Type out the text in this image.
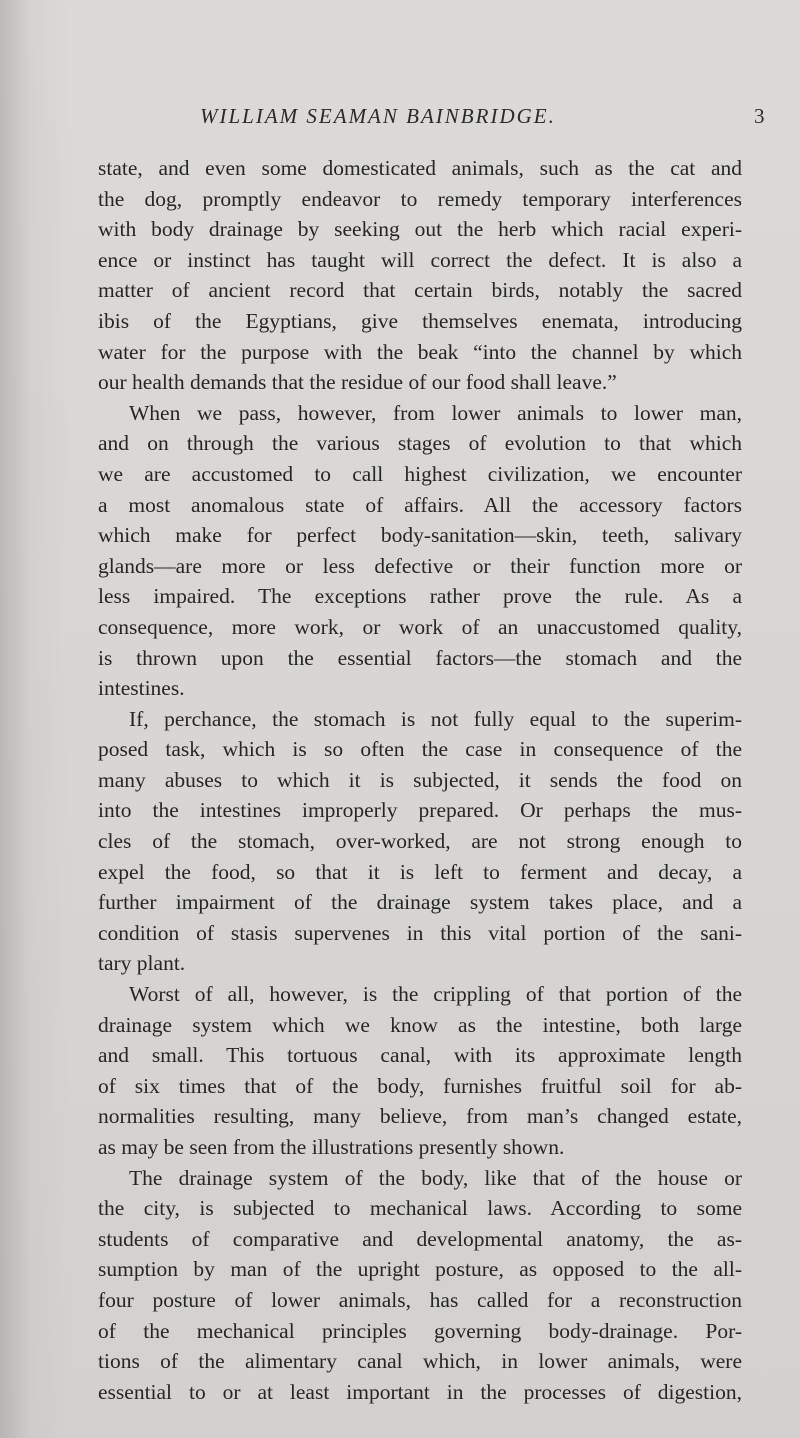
WILLIAM SEAMAN BAINBRIDGE.	3
state, and even some domesticated animals, such as the cat and
the dog, promptly endeavor to remedy temporary interferences
with body drainage by seeking out the herb which racial experi-
ence or instinct has taught will correct the defect. It is also a
matter of ancient record that certain birds, notably the sacred
ibis of the Egyptians, give themselves enemata, introducing
water for the purpose with the beak “into the channel by which
our health demands that the residue of our food shall leave.”
When we pass, however, from lower animals to lower man,
and on through the various stages of evolution to that which
we are accustomed to call highest civilization, we encounter
a most anomalous state of affairs. All the accessory factors
which make for perfect body-sanitation—skin, teeth, salivary
glands—are more or less defective or their function more or
less impaired. The exceptions rather prove the rule. As a
consequence, more work, or work of an unaccustomed quality,
is thrown upon the essential factors—the stomach and the
intestines.
If, perchance, the stomach is not fully equal to the superim-
posed task, which is so often the case in consequence of the
many abuses to which it is subjected, it sends the food on
into the intestines improperly prepared. Or perhaps the mus-
cles of the stomach, over-worked, are not strong enough to
expel the food, so that it is left to ferment and decay, a
further impairment of the drainage system takes place, and a
condition of stasis supervenes in this vital portion of the sani-
tary plant.
Worst of all, however, is the crippling of that portion of the
drainage system which we know as the intestine, both large
and small. This tortuous canal, with its approximate length
of six times that of the body, furnishes fruitful soil for ab-
normalities resulting, many believe, from man’s changed estate,
as may be seen from the illustrations presently shown.
The drainage system of the body, like that of the house or
the city, is subjected to mechanical laws. According to some
students of comparative and developmental anatomy, the as-
sumption by man of the upright posture, as opposed to the all-
four posture of lower animals, has called for a reconstruction
of the mechanical principles governing body-drainage. Por-
tions of the alimentary canal which, in lower animals, were
essential to or at least important in the processes of digestion,
